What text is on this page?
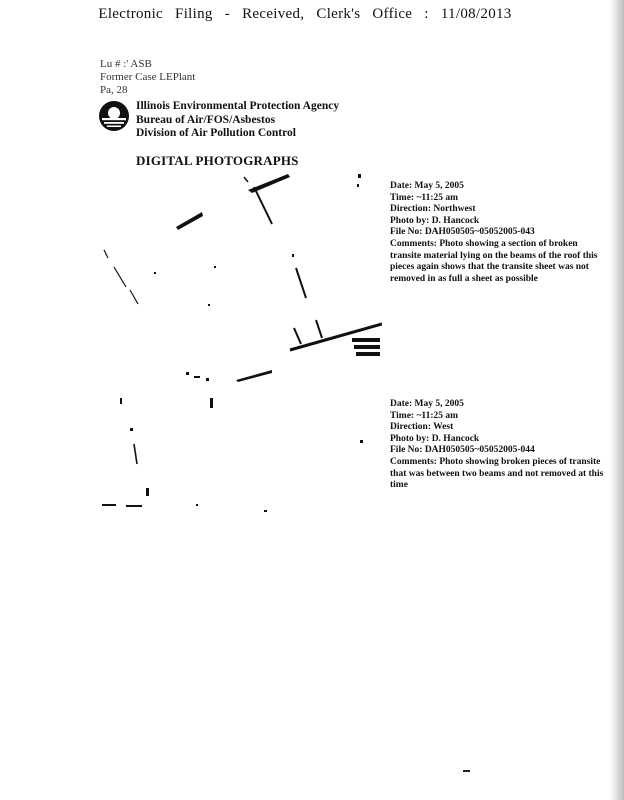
Electronic Filing - Received, Clerk's Office : 11/08/2013
Lu # :' ASB
Former Case LEPlant
Pa, 28
Illinois Environmental Protection Agency
Bureau of Air/FOS/Asbestos
Division of Air Pollution Control
DIGITAL PHOTOGRAPHS
Date: May 5, 2005
Time: ~11:25 am
Direction: Northwest
Photo by: D. Hancock
File No: DAH050505~05052005-043
Comments: Photo showing a section of broken transite material lying on the beams of the roof this pieces again shows that the transite sheet was not removed in as full a sheet as possible
Date: May 5, 2005
Time: ~11:25 am
Direction: West
Photo by: D. Hancock
File No: DAH050505~05052005-044
Comments: Photo showing broken pieces of transite that was between two beams and not removed at this time
